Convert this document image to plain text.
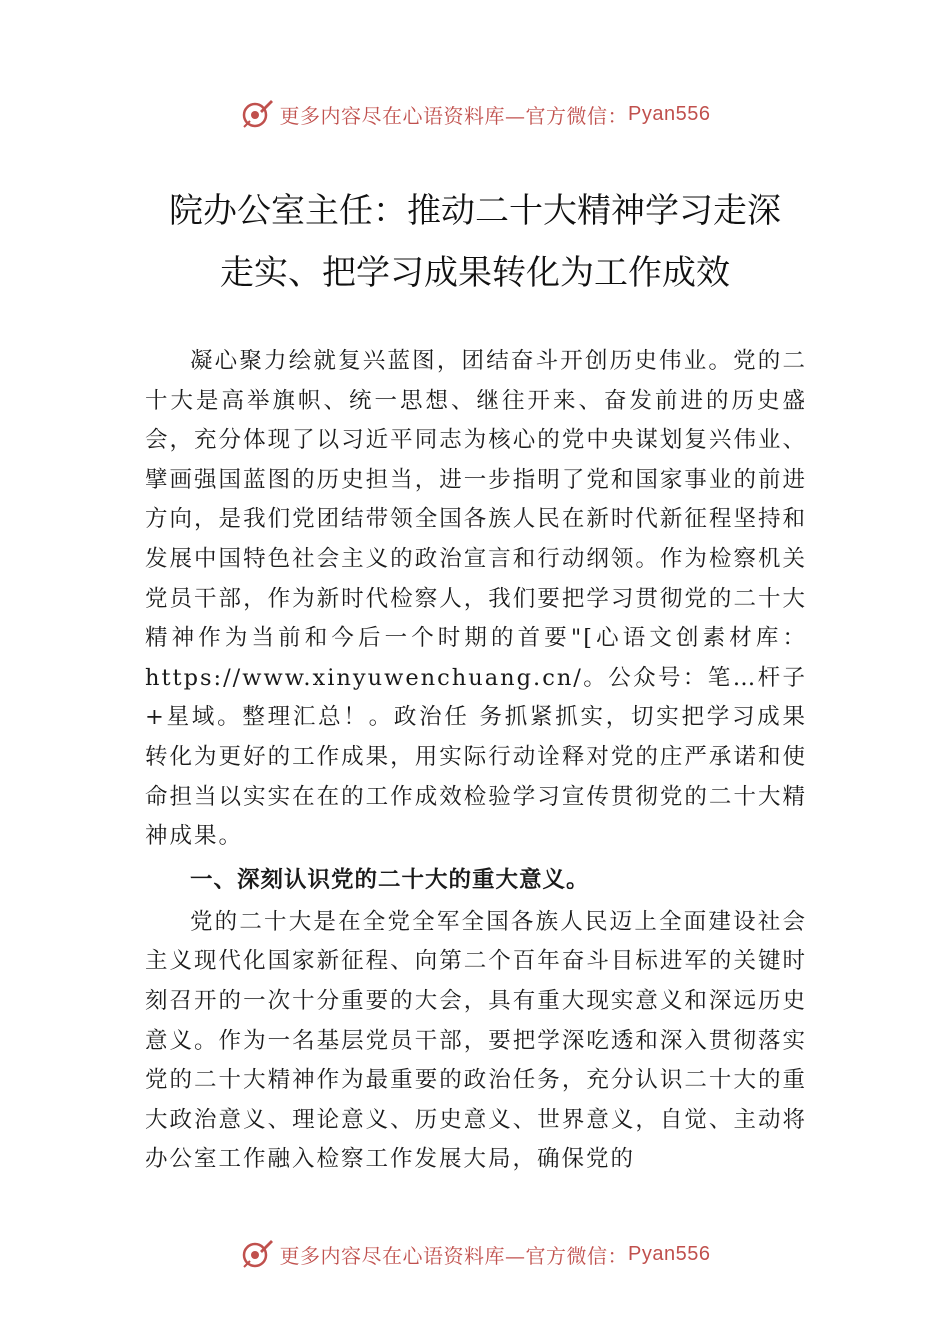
更多内容尽在心语资料库—官方微信： Pyan556
院办公室主任：推动二十大精神学习走深
走实、把学习成果转化为工作成效

凝心聚力绘就复兴蓝图，团结奋斗开创历史伟业。党的二十大是高举旗帜、统一思想、继往开来、奋发前进的历史盛会，充分体现了以习近平同志为核心的党中央谋划复兴伟业、擘画强国蓝图的历史担当，进一步指明了党和国家事业的前进方向，是我们党团结带领全国各族人民在新时代新征程坚持和发展中国特色社会主义的政治宣言和行动纲领。作为检察机关党员干部，作为新时代检察人，我们要把学习贯彻党的二十大精神作为当前和今后一个时期的首要"[心语文创素材库：https://www.xinyuwenchuang.cn/。公众号：笔…杆子+星域。整理汇总！。政治任 务抓紧抓实，切实把学习成果转化为更好的工作成果，用实际行动诠释对党的庄严承诺和使命担当以实实在在的工作成效检验学习宣传贯彻党的二十大精神成果。

一、深刻认识党的二十大的重大意义。

党的二十大是在全党全军全国各族人民迈上全面建设社会主义现代化国家新征程、向第二个百年奋斗目标进军的关键时刻召开的一次十分重要的大会，具有重大现实意义和深远历史意义。作为一名基层党员干部，要把学深吃透和深入贯彻落实党的二十大精神作为最重要的政治任务，充分认识二十大的重大政治意义、理论意义、历史意义、世界意义，自觉、主动将办公室工作融入检察工作发展大局，确保党的

更多内容尽在心语资料库—官方微信： Pyan556
